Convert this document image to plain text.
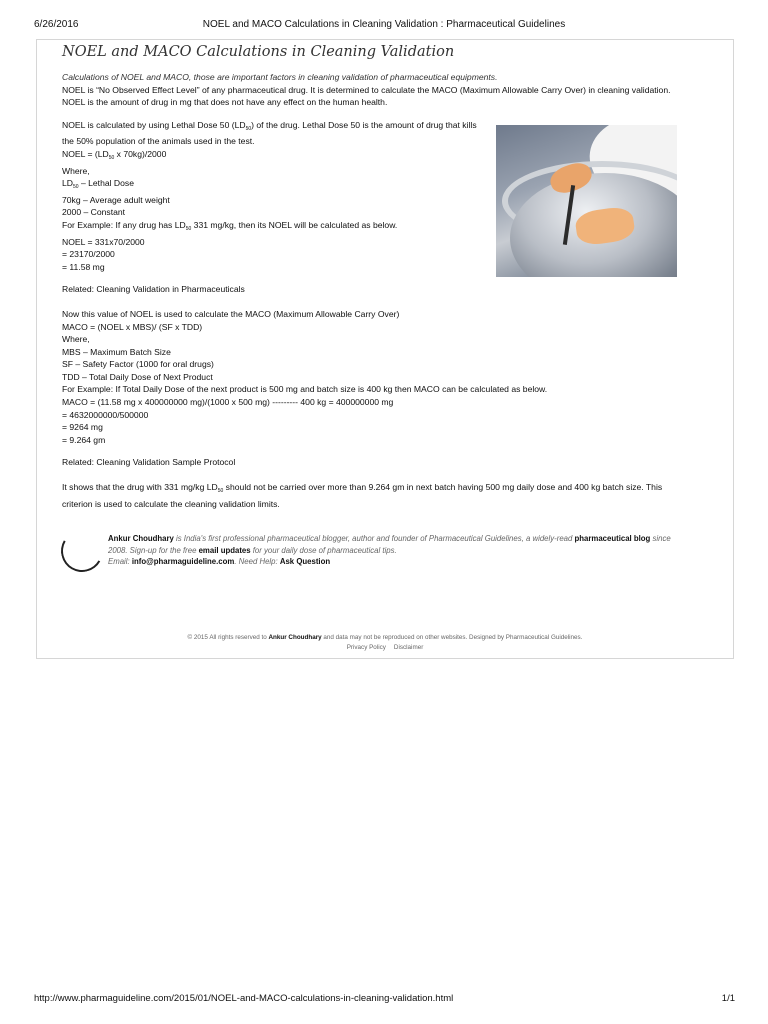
6/26/2016	NOEL and MACO Calculations in Cleaning Validation : Pharmaceutical Guidelines
NOEL and MACO Calculations in Cleaning Validation

Calculations of NOEL and MACO, those are important factors in cleaning validation of pharmaceutical equipments.

NOEL is “No Observed Effect Level” of any pharmaceutical drug. It is determined to calculate the MACO (Maximum Allowable Carry Over) in cleaning validation. NOEL is the amount of drug in mg that does not have any effect on the human health.

NOEL is calculated by using Lethal Dose 50 $(LD_{50})$ of the drug. Lethal Dose 50 is the amount of drug that kills the 50% population of the animals used in the test.

NOEL = ($LD_{50}$ x 70kg)/2000

Where,

$LD_{50}$ – Lethal Dose

70kg – Average adult weight

2000 – Constant

For Example: If any drug has $LD_{50}$ 331 mg/kg, then its NOEL will be calculated as below.

NOEL = 331x70/2000

= 23170/2000

= 11.58 mg

Related: Cleaning Validation in Pharmaceuticals

Now this value of NOEL is used to calculate the MACO (Maximum Allowable Carry Over)

MACO = (NOEL x MBS)/ (SF x TDD)

Where,

MBS – Maximum Batch Size

SF – Safety Factor (1000 for oral drugs)

TDD – Total Daily Dose of Next Product

For Example: If Total Daily Dose of the next product is 500 mg and batch size is 400 kg then MACO can be calculated as below.

MACO = (11.58 mg x 400000000 mg)/(1000 x 500 mg) --------- 400 kg = 400000000 mg

= 4632000000/500000

= 9264 mg

= 9.264 gm

Related: Cleaning Validation Sample Protocol

It shows that the drug with 331 mg/kg $LD_{50}$ should not be carried over more than 9.264 gm in next batch having 500 mg daily dose and 400 kg batch size. This criterion is used to calculate the cleaning validation limits.

Ankur Choudhary is India's first professional pharmaceutical blogger, author and founder of Pharmaceutical Guidelines, a widely-read pharmaceutical blog since 2008. Sign-up for the free email updates for your daily dose of pharmaceutical tips.
Email: info@pharmaguideline.com. Need Help: Ask Question
© 2015 All rights reserved to Ankur Choudhary and data may not be reproduced on other websites. Designed by Pharmaceutical Guidelines.
Privacy Policy Disclaimer
http://www.pharmaguideline.com/2015/01/NOEL-and-MACO-calculations-in-cleaning-validation.html	1/1
